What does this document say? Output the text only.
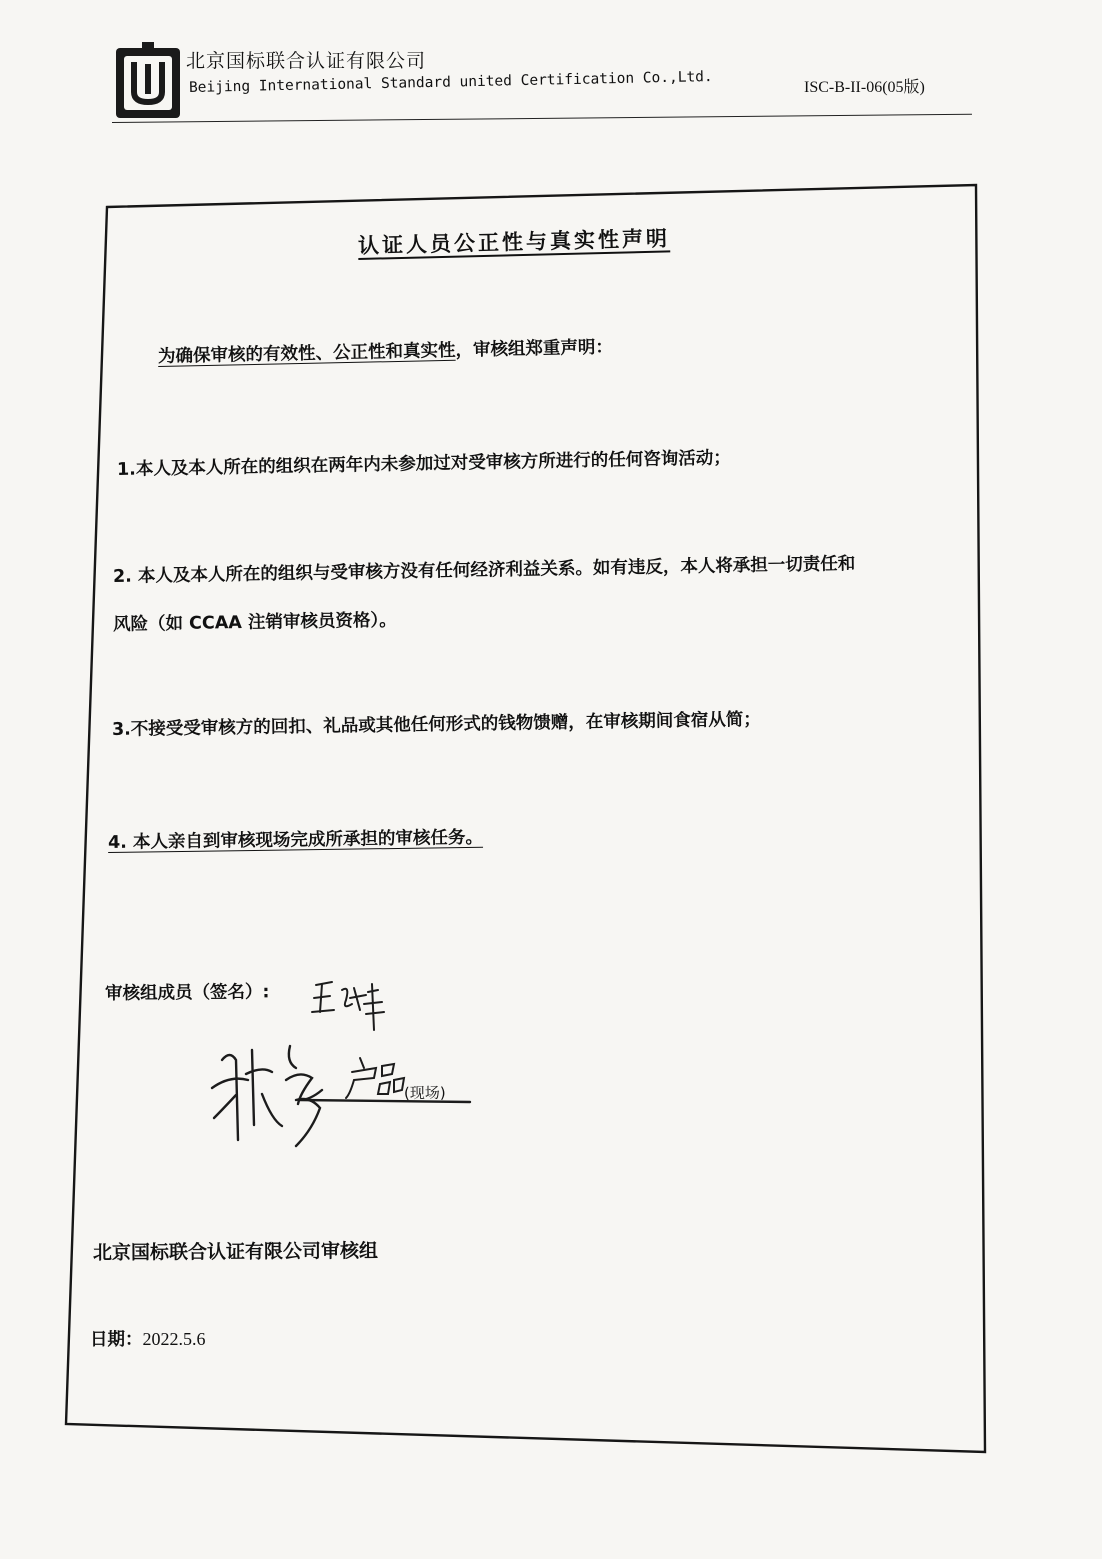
北京国标联合认证有限公司
Beijing International Standard united Certification Co.,Ltd.	ISC-B-II-06(05版)
认证人员公正性与真实性声明
为确保审核的有效性、公正性和真实性，审核组郑重声明：
1.本人及本人所在的组织在两年内未参加过对受审核方所进行的任何咨询活动；
2. 本人及本人所在的组织与受审核方没有任何经济利益关系。如有违反，本人将承担一切责任和
风险（如 CCAA 注销审核员资格）。
3.不接受受审核方的回扣、礼品或其他任何形式的钱物馈赠，在审核期间食宿从简；
4. 本人亲自到审核现场完成所承担的审核任务。
审核组成员（签名）:
(现场)
北京国标联合认证有限公司审核组
日期：2022.5.6
